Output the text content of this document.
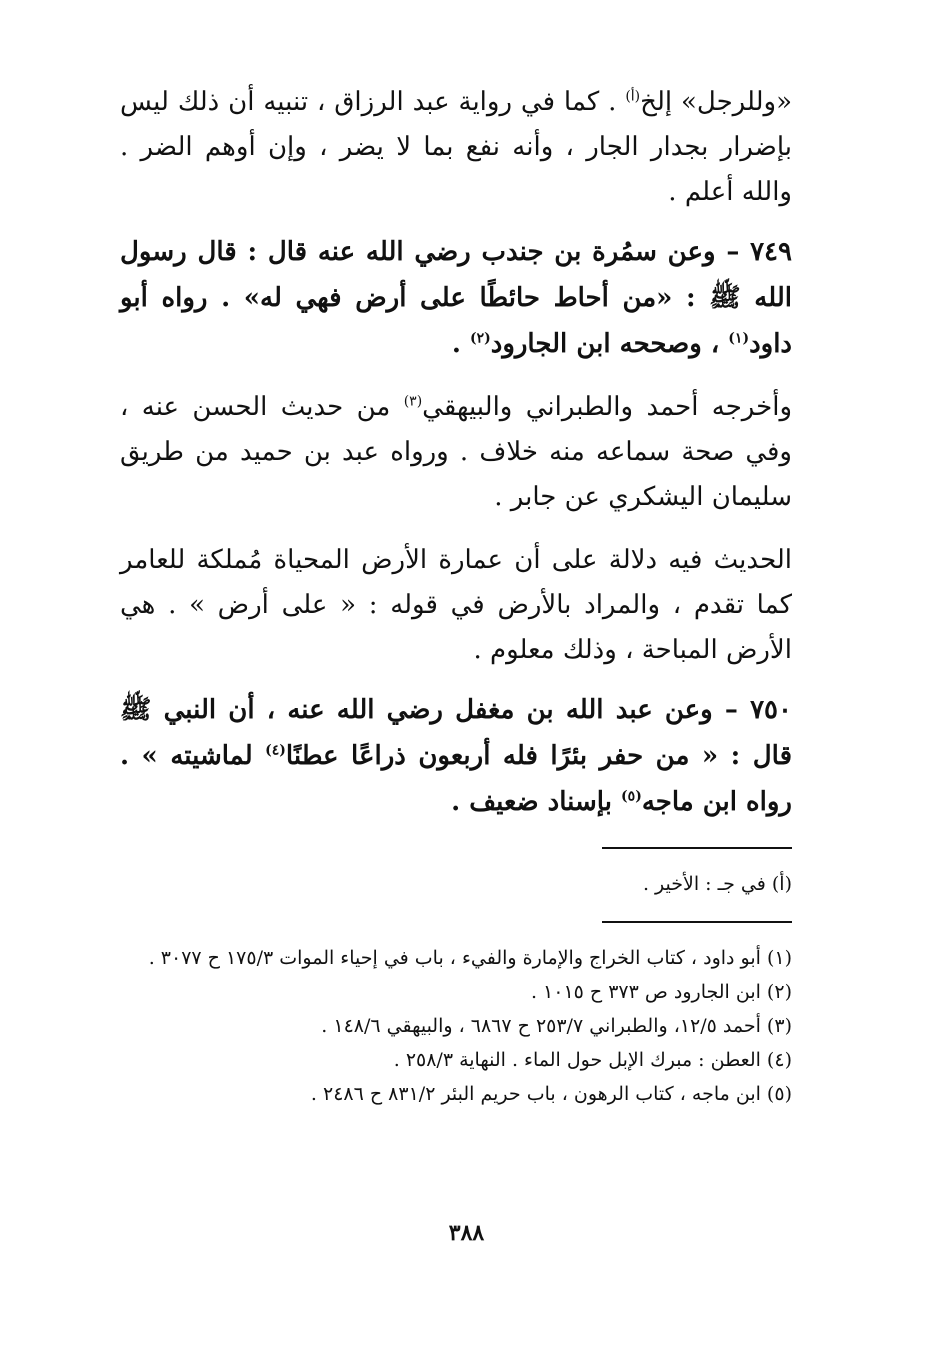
«وللرجل» إلخ$^{(أ)}$ . كما في رواية عبد الرزاق ، تنبيه أن ذلك ليس بإضرار بجدار الجار ، وأنه نفع بما لا يضر ، وإن أوهم الضر . والله أعلم .

٧٤٩ – وعن سمُرة بن جندب رضي الله عنه قال : قال رسول الله ﷺ : «من أحاط حائطًا على أرض فهي له» . رواه أبو داود$^{(١)}$ ، وصححه ابن الجارود$^{(٢)}$ .

وأخرجه أحمد والطبراني والبيهقي$^{(٣)}$ من حديث الحسن عنه ، وفي صحة سماعه منه خلاف . ورواه عبد بن حميد من طريق سليمان اليشكري عن جابر .

الحديث فيه دلالة على أن عمارة الأرض المحياة مُملكة للعامر كما تقدم ، والمراد بالأرض في قوله : « على أرض » . هي الأرض المباحة ، وذلك معلوم .

٧٥٠ – وعن عبد الله بن مغفل رضي الله عنه ، أن النبي ﷺ قال : « من حفر بئرًا فله أربعون ذراعًا عطنًا$^{(٤)}$ لماشيته » . رواه ابن ماجه$^{(٥)}$ بإسناد ضعيف .

(أ) في جـ : الأخير .

(١) أبو داود ، كتاب الخراج والإمارة والفيء ، باب في إحياء الموات ١٧٥/٣ ح ٣٠٧٧ .

(٢) ابن الجارود ص ٣٧٣ ح ١٠١٥ .

(٣) أحمد ١٢/٥، والطبراني ٢٥٣/٧ ح ٦٨٦٧ ، والبيهقي ١٤٨/٦ .

(٤) العطن : مبرك الإبل حول الماء . النهاية ٢٥٨/٣ .

(٥) ابن ماجه ، كتاب الرهون ، باب حريم البئر ٨٣١/٢ ح ٢٤٨٦ .

٣٨٨
